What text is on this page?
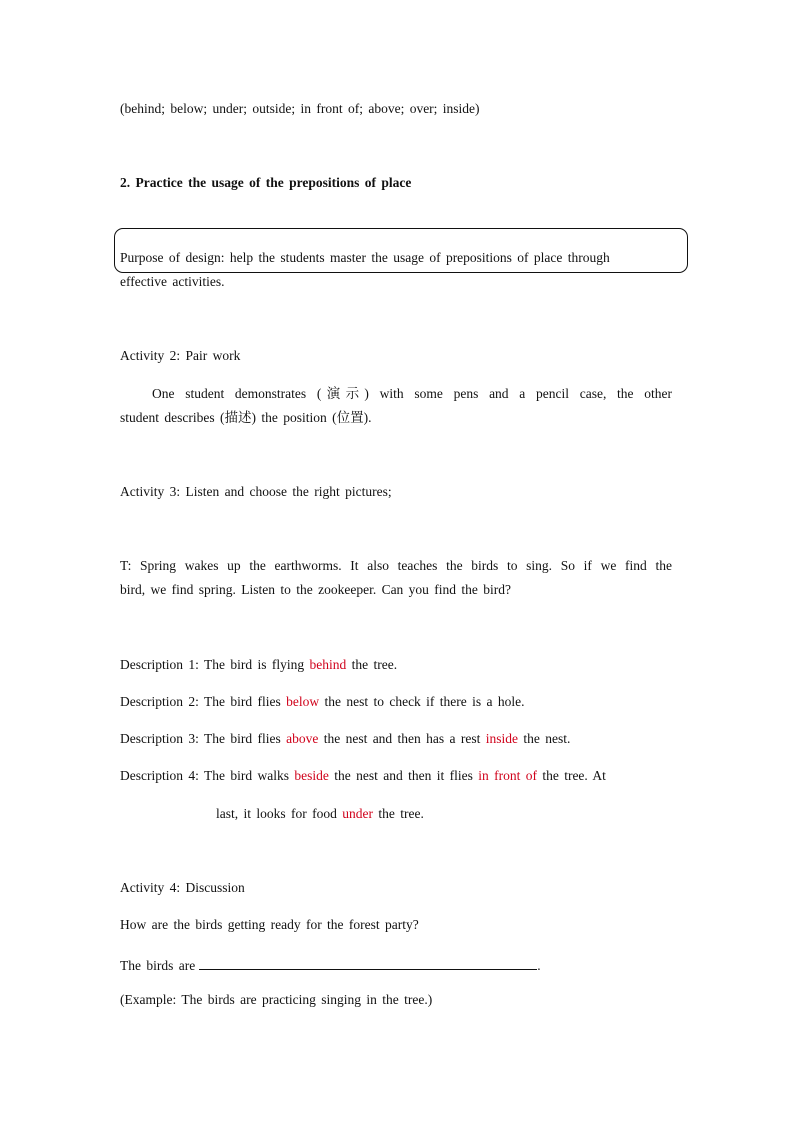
(behind; below; under; outside; in front of; above; over; inside)
2. Practice the usage of the prepositions of place
Purpose of design: help the students master the usage of prepositions of place through
effective activities.
Activity 2: Pair work

One student demonstrates (演示) with some pens and a pencil case, the other

student describes (描述) the position (位置).

Activity 3: Listen and choose the right pictures;

T: Spring wakes up the earthworms. It also teaches the birds to sing. So if we find the

bird, we find spring. Listen to the zookeeper. Can you find the bird?

Description 1: The bird is flying behind the tree.
Description 2: The bird flies below the nest to check if there is a hole.
Description 3: The bird flies above the nest and then has a rest inside the nest.
Description 4: The bird walks beside the nest and then it flies in front of the tree. At
last, it looks for food under the tree.
Activity 4: Discussion
How are the birds getting ready for the forest party?
The birds are	.
(Example: The birds are practicing singing in the tree.)
